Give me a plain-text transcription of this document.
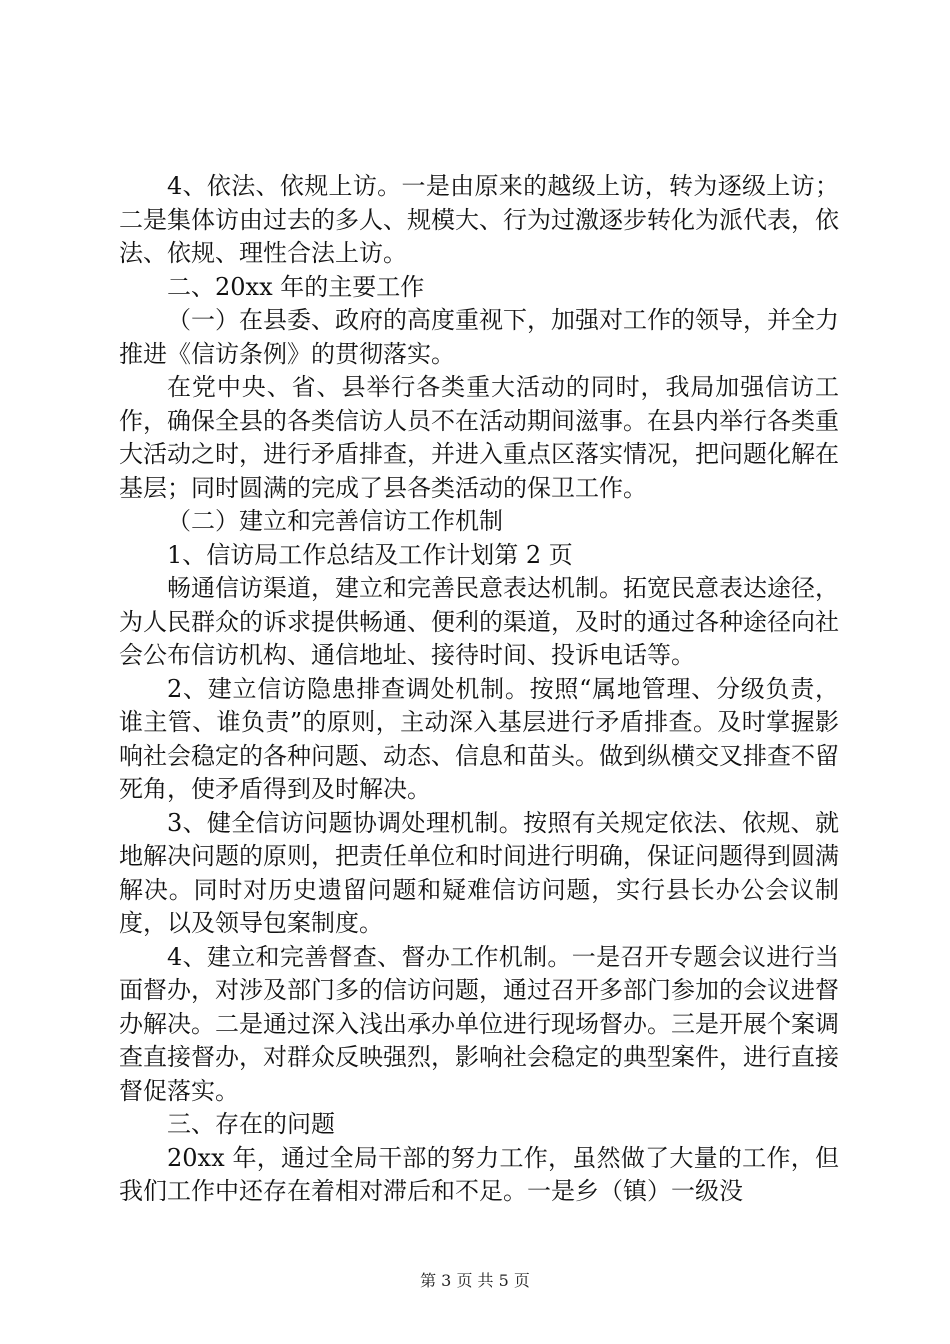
4、依法、依规上访。一是由原来的越级上访，转为逐级上访；二是集体访由过去的多人、规模大、行为过激逐步转化为派代表，依法、依规、理性合法上访。

二、20xx 年的主要工作

（一）在县委、政府的高度重视下，加强对工作的领导，并全力推进《信访条例》的贯彻落实。

在党中央、省、县举行各类重大活动的同时，我局加强信访工作，确保全县的各类信访人员不在活动期间滋事。在县内举行各类重大活动之时，进行矛盾排查，并进入重点区落实情况，把问题化解在基层；同时圆满的完成了县各类活动的保卫工作。

（二）建立和完善信访工作机制

1、信访局工作总结及工作计划第 2 页

畅通信访渠道，建立和完善民意表达机制。拓宽民意表达途径，为人民群众的诉求提供畅通、便利的渠道，及时的通过各种途径向社会公布信访机构、通信地址、接待时间、投诉电话等。

2、建立信访隐患排查调处机制。按照“属地管理、分级负责，谁主管、谁负责”的原则，主动深入基层进行矛盾排查。及时掌握影响社会稳定的各种问题、动态、信息和苗头。做到纵横交叉排查不留死角，使矛盾得到及时解决。

3、健全信访问题协调处理机制。按照有关规定依法、依规、就地解决问题的原则，把责任单位和时间进行明确，保证问题得到圆满解决。同时对历史遗留问题和疑难信访问题，实行县长办公会议制度，以及领导包案制度。

4、建立和完善督查、督办工作机制。一是召开专题会议进行当面督办，对涉及部门多的信访问题，通过召开多部门参加的会议进督办解决。二是通过深入浅出承办单位进行现场督办。三是开展个案调查直接督办，对群众反映强烈，影响社会稳定的典型案件，进行直接督促落实。

三、存在的问题

20xx 年，通过全局干部的努力工作，虽然做了大量的工作，但我们工作中还存在着相对滞后和不足。一是乡（镇）一级没

第 3 页 共 5 页
